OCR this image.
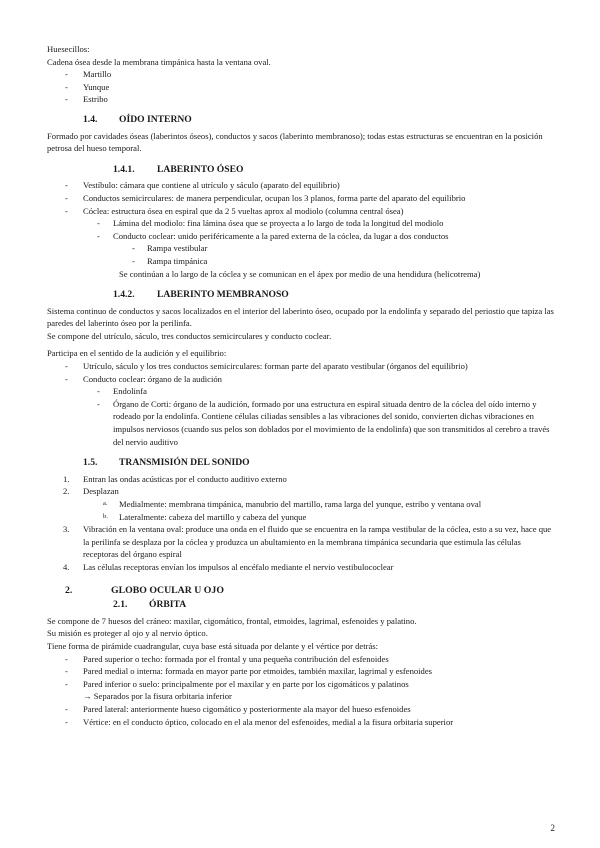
Huesecillos:

Cadena ósea desde la membrana timpánica hasta la ventana oval.

- Martillo
- Yunque
- Estribo
1.4. OÍDO INTERNO

Formado por cavidades óseas (laberintos óseos), conductos y sacos (laberinto membranoso); todas estas estructuras se encuentran en la posición petrosa del hueso temporal.

1.4.1. LABERINTO ÓSEO
- Vestíbulo: cámara que contiene al utrículo y sáculo (aparato del equilibrio)
- Conductos semicirculares: de manera perpendicular, ocupan los 3 planos, forma parte del aparato del equilibrio
- Cóclea: estructura ósea en espiral que da 2 5 vueltas aprox al modiolo (columna central ósea)
- Lámina del modiolo: fina lámina ósea que se proyecta a lo largo de toda la longitud del modiolo
- Conducto coclear: unido periféricamente a la pared externa de la cóclea, da lugar a dos conductos
- Rampa vestibular
- Rampa timpánica

Se continúan a lo largo de la cóclea y se comunican en el ápex por medio de una hendidura (helicotrema)

1.4.2. LABERINTO MEMBRANOSO

Sistema continuo de conductos y sacos localizados en el interior del laberinto óseo, ocupado por la endolinfa y separado del periostio que tapiza las paredes del laberinto óseo por la perilinfa.

Se compone del utrículo, sáculo, tres conductos semicirculares y conducto coclear.

Participa en el sentido de la audición y el equilibrio:

- Utrículo, sáculo y los tres conductos semicirculares: forman parte del aparato vestibular (órganos del equilibrio)
- Conducto coclear: órgano de la audición
- Endolinfa
- Órgano de Corti: órgano de la audición, formado por una estructura en espiral situada dentro de la cóclea del oído interno y rodeado por la endolinfa. Contiene células ciliadas sensibles a las vibraciones del sonido, convierten dichas vibraciones en impulsos nerviosos (cuando sus pelos son doblados por el movimiento de la endolinfa) que son transmitidos al cerebro a través del nervio auditivo
1.5. TRANSMISIÓN DEL SONIDO
1. Entran las ondas acústicas por el conducto auditivo externo
2. Desplazan
a. Medialmente: membrana timpánica, manubrio del martillo, rama larga del yunque, estribo y ventana oval
b. Lateralmente: cabeza del martillo y cabeza del yunque
3. Vibración en la ventana oval: produce una onda en el fluido que se encuentra en la rampa vestibular de la cóclea, esto a su vez, hace que la perilinfa se desplaza por la cóclea y produzca un abultamiento en la membrana timpánica secundaria que estimula las células receptoras del órgano espiral
4. Las células receptoras envían los impulsos al encéfalo mediante el nervio vestibulococlear
2.	GLOBO OCULAR U OJO
2.1. ÓRBITA

Se compone de 7 huesos del cráneo: maxilar, cigomático, frontal, etmoides, lagrimal, esfenoides y palatino.

Su misión es proteger al ojo y al nervio óptico.

Tiene forma de pirámide cuadrangular, cuya base está situada por delante y el vértice por detrás:

- Pared superior o techo: formada por el frontal y una pequeña contribución del esfenoides
- Pared medial o interna: formada en mayor parte por etmoides, también maxilar, lagrimal y esfenoides
- Pared inferior o suelo: principalmente por el maxilar y en parte por los cigomáticos y palatinos

→ Separados por la fisura orbitaria inferior

- Pared lateral: anteriormente hueso cigomático y posteriormente ala mayor del hueso esfenoides
- Vértice: en el conducto óptico, colocado en el ala menor del esfenoides, medial a la fisura orbitaria superior
2
